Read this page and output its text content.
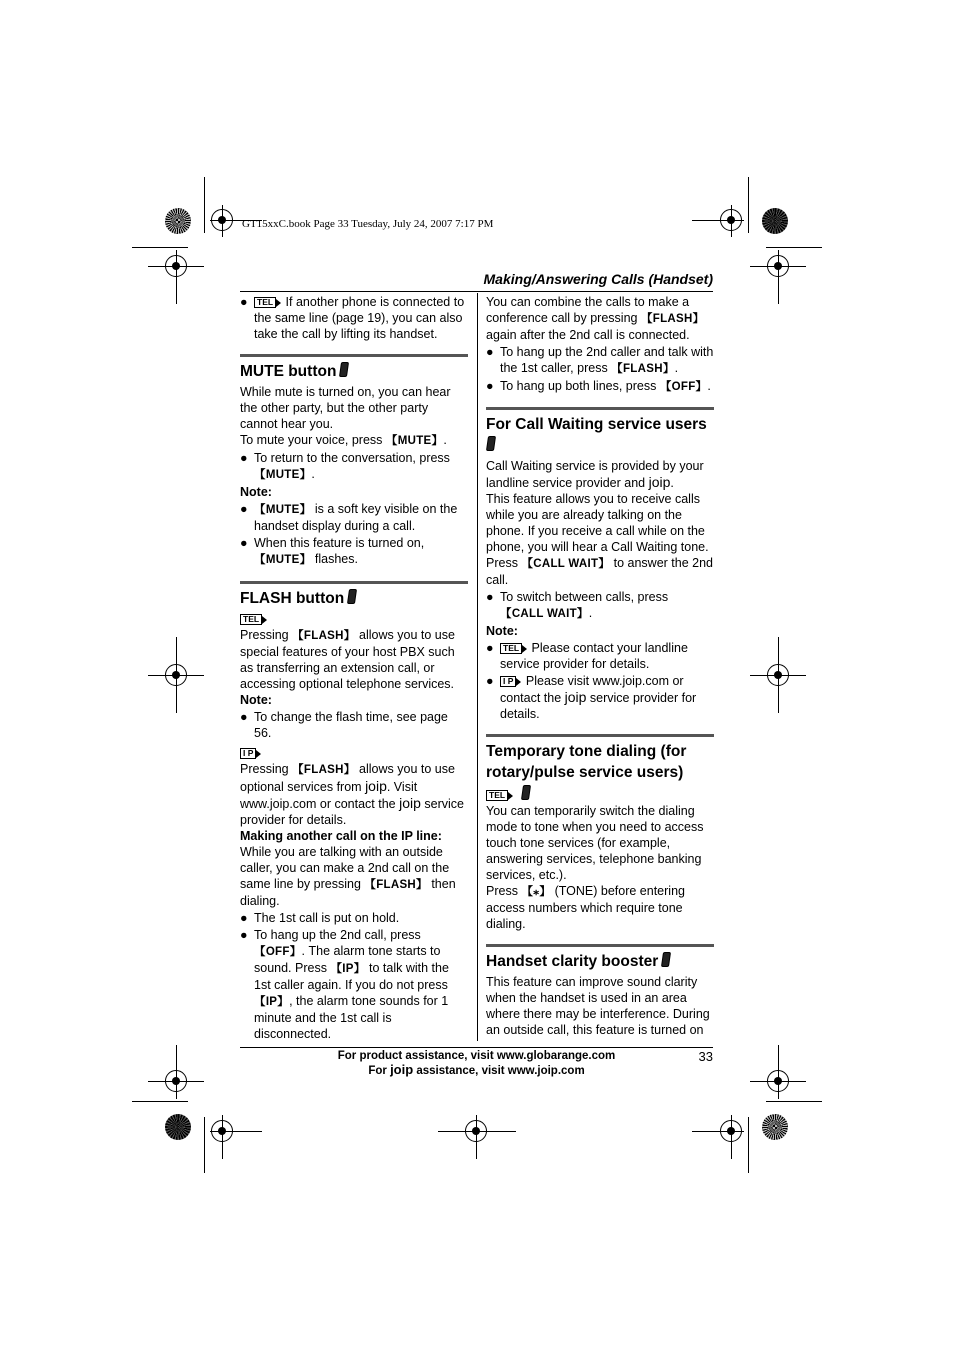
GT15xxC.book Page 33 Tuesday, July 24, 2007 7:17 PM
Making/Answering Calls (Handset)
● TEL If another phone is connected to the same line (page 19), you can also take the call by lifting its handset.
MUTE button

While mute is turned on, you can hear the other party, but the other party cannot hear you.

To mute your voice, press 【MUTE】.

● To return to the conversation, press 【MUTE】.

Note:

● 【MUTE】 is a soft key visible on the handset display during a call.
● When this feature is turned on, 【MUTE】 flashes.
FLASH button
TEL

Pressing 【FLASH】 allows you to use special features of your host PBX such as transferring an extension call, or accessing optional telephone services.

Note:

● To change the flash time, see page 56.
I P

Pressing 【FLASH】 allows you to use optional services from joip. Visit www.joip.com or contact the joip service provider for details.

Making another call on the IP line:

While you are talking with an outside caller, you can make a 2nd call on the same line by pressing 【FLASH】 then dialing.

● The 1st call is put on hold.
● To hang up the 2nd call, press 【OFF】. The alarm tone starts to sound. Press 【IP】 to talk with the 1st caller again. If you do not press 【IP】, the alarm tone sounds for 1 minute and the 1st call is disconnected.

You can combine the calls to make a conference call by pressing 【FLASH】 again after the 2nd call is connected.

● To hang up the 2nd caller and talk with the 1st caller, press 【FLASH】.
● To hang up both lines, press 【OFF】.
For Call Waiting service users

Call Waiting service is provided by your landline service provider and joip.

This feature allows you to receive calls while you are already talking on the phone. If you receive a call while on the phone, you will hear a Call Waiting tone. Press

【CALL WAIT】 to answer the 2nd call.
● To switch between calls, press 【CALL WAIT】.

Note:

● TEL Please contact your landline service provider for details.
● I P Please visit www.joip.com or contact the joip service provider for details.
Temporary tone dialing (for rotary/pulse service users)
TEL

You can temporarily switch the dialing mode to tone when you need to access touch tone services (for example, answering services, telephone banking services, etc.).

Press 【⁎】 (TONE) before entering access numbers which require tone dialing.

Handset clarity booster

This feature can improve sound clarity when the handset is used in an area where there may be interference. During an outside call, this feature is turned on

For product assistance, visit www.globarange.com
For joip assistance, visit www.joip.com
33
